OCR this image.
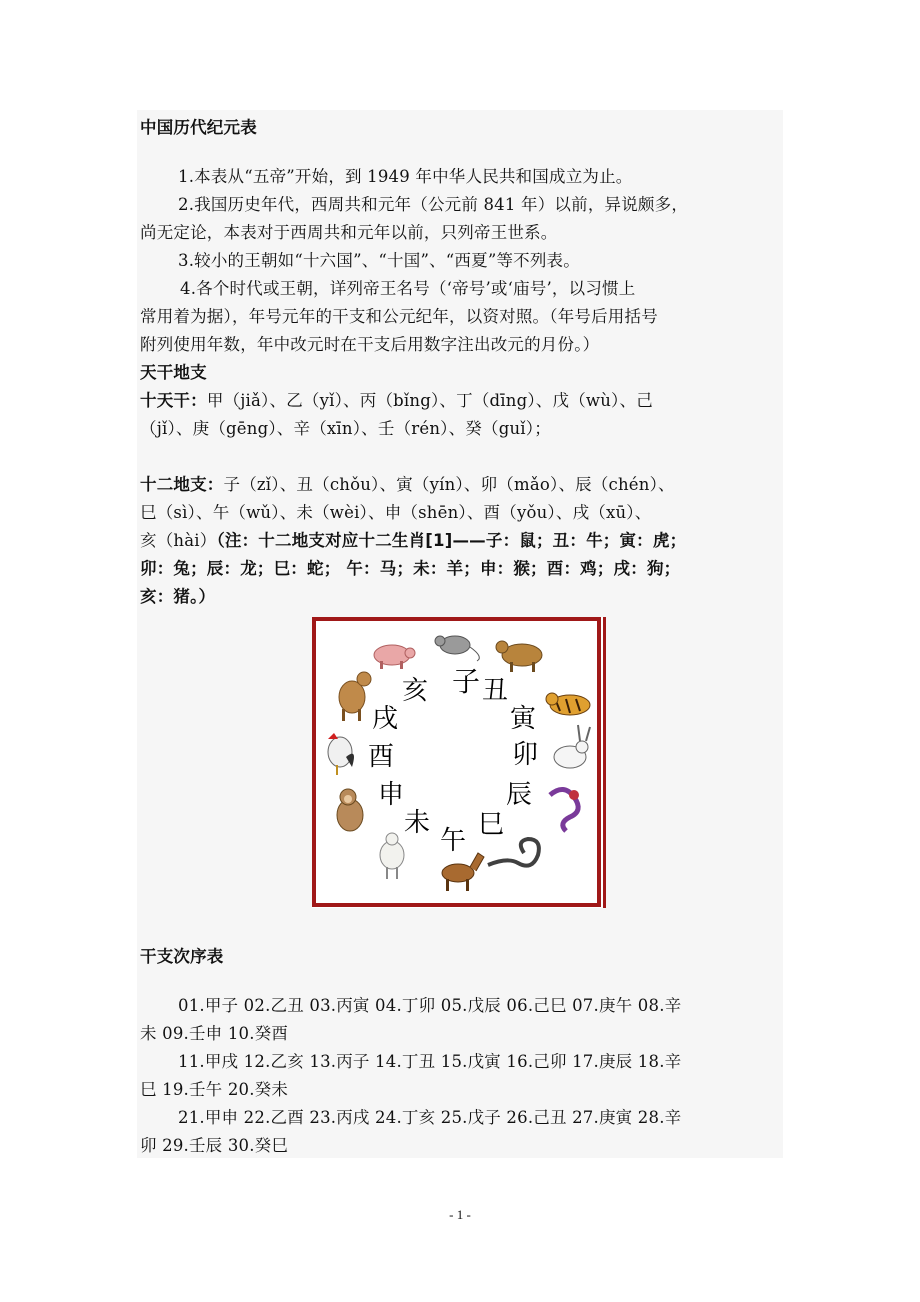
中国历代纪元表
1.本表从“五帝”开始，到 1949 年中华人民共和国成立为止。
2.我国历史年代，西周共和元年（公元前 841 年）以前，异说颇多，
尚无定论，本表对于西周共和元年以前，只列帝王世系。
3.较小的王朝如“十六国”、“十国”、“西夏”等不列表。
4.各个时代或王朝，详列帝王名号（‘帝号’或‘庙号’，以习惯上
常用着为据），年号元年的干支和公元纪年，以资对照。（年号后用括号
附列使用年数，年中改元时在干支后用数字注出改元的月份。）
天干地支
十天干：甲（jiǎ）、乙（yǐ）、丙（bǐng）、丁（dīng）、戊（wù）、己
（jǐ）、庚（gēng）、辛（xīn）、壬（rén）、癸（guǐ）；
十二地支：子（zǐ）、丑（chǒu）、寅（yín）、卯（mǎo）、辰（chén）、
巳（sì）、午（wǔ）、未（wèi）、申（shēn）、酉（yǒu）、戌（xū）、
亥（hài）（注：十二地支对应十二生肖[1]——子：鼠；丑：牛；寅：虎；
卯：兔；辰：龙；巳：蛇； 午：马；未：羊；申：猴；酉：鸡；戌：狗；
亥：猪。）
子 丑
寅
卯
辰
巳
午
未
申
酉
戌
亥
干支次序表
01.甲子 02.乙丑 03.丙寅 04.丁卯 05.戊辰 06.己巳 07.庚午 08.辛
未 09.壬申 10.癸酉
11.甲戌 12.乙亥 13.丙子 14.丁丑 15.戊寅 16.己卯 17.庚辰 18.辛
巳 19.壬午 20.癸未
21.甲申 22.乙酉 23.丙戌 24.丁亥 25.戊子 26.己丑 27.庚寅 28.辛
卯 29.壬辰 30.癸巳
- 1 -
